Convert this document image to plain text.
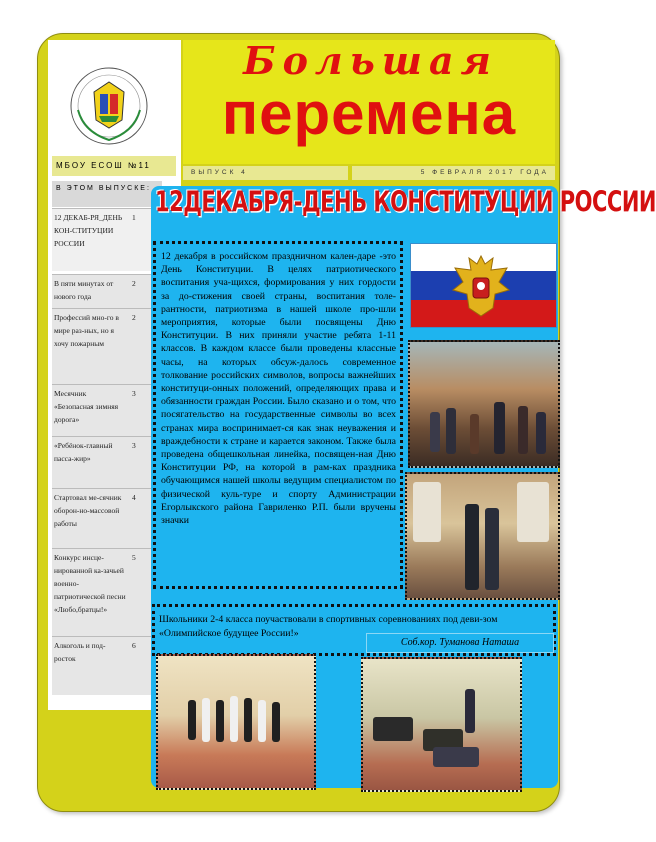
Большая
перемена
МБОУ ЕСОШ №11
ВЫПУСК 4	5 ФЕВРАЛЯ 2017 ГОДА
В ЭТОМ ВЫПУСКЕ:
12 ДЕКАБ-РЯ_ДЕНЬ КОН-СТИТУЦИИ РОССИИ
1
В пяти минутах от нового года
2
Профессий мно-го в мире раз-ных, но я хочу пожарным
2
Месячник «Безопасная зимняя дорога»
3
«Ребёнок-главный пасса-жир»
3
Стартовал ме-сячник оборон-но-массовой работы
4
Конкурс инсце-нированной ка-зачьей военно-патриотической песни «Любо,братцы!»
5
Алкоголь и под-росток
6
12ДЕКАБРЯ-ДЕНЬ КОНСТИТУЦИИ РОССИИ
12 декабря в российском праздничном кален-даре -это День Конституции. В целях патриотического воспитания уча-щихся, формирования у них гордости за до-стижения своей страны, воспитания толе-рантности, патриотизма в нашей школе про-шли мероприятия, которые были посвящены Дню Конституции. В них приняли участие ребята 1-11 классов. В каждом классе были проведены классные часы, на которых обсуж-далось современное толкование российских символов, вопросы важнейших конституци-онных положений, определяющих права и обязанности граждан России. Было сказано и о том, что посягательство на государственные символы во всех странах мира воспринимает-ся как знак неуважения и враждебности к стране и карается законом. Также была проведена общешкольная линейка, посвящен-ная Дню Конституции РФ, на которой в рам-ках праздника обучающимся нашей школы ведущим специалистом по физической куль-туре и спорту Администрации Егорлыкского района Гавриленко Р.П. были вручены значки
Школьники 2-4 класса поучаствовали в спортивных соревнованиях под деви-зом «Олимпийское будущее России!»
Соб.кор. Туманова Наташа
